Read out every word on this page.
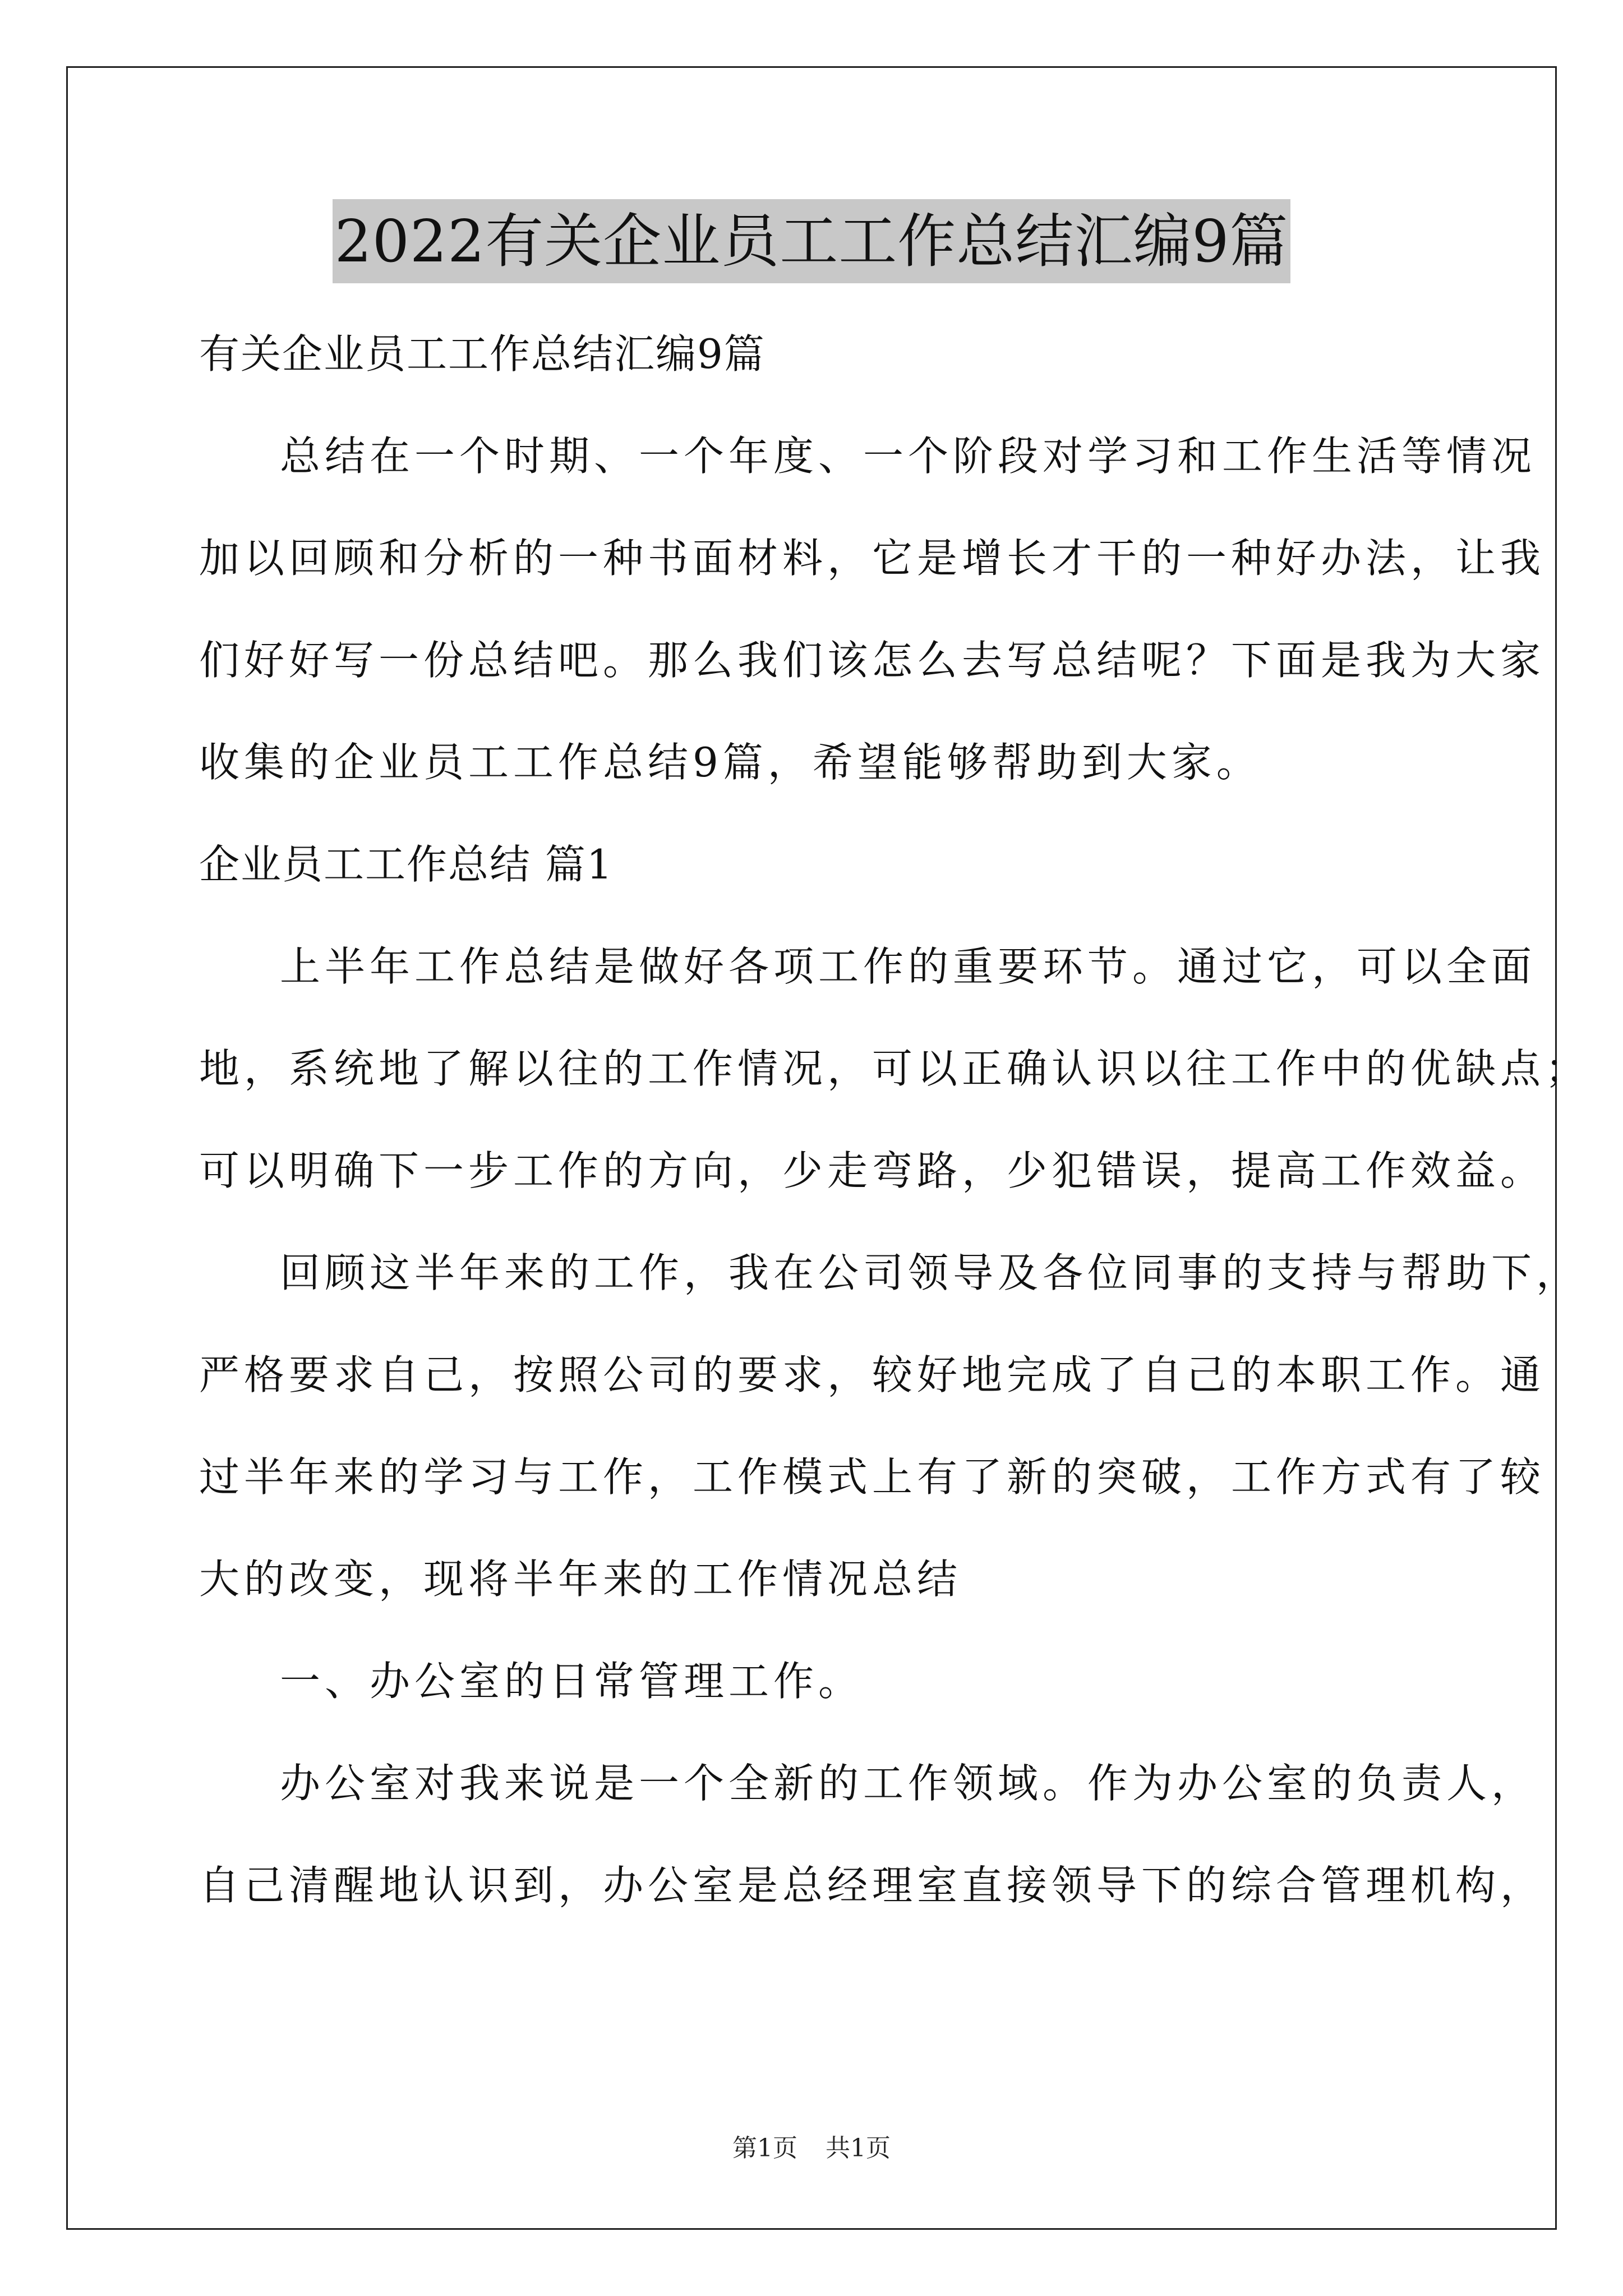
2022有关企业员工工作总结汇编9篇
有关企业员工工作总结汇编9篇
总结在一个时期、一个年度、一个阶段对学习和工作生活等情况
加以回顾和分析的一种书面材料，它是增长才干的一种好办法，让我
们好好写一份总结吧。那么我们该怎么去写总结呢？下面是我为大家
收集的企业员工工作总结9篇，希望能够帮助到大家。
企业员工工作总结 篇1
上半年工作总结是做好各项工作的重要环节。通过它，可以全面
地，系统地了解以往的工作情况，可以正确认识以往工作中的优缺点；
可以明确下一步工作的方向，少走弯路，少犯错误，提高工作效益。
回顾这半年来的工作，我在公司领导及各位同事的支持与帮助下，
严格要求自己，按照公司的要求，较好地完成了自己的本职工作。通
过半年来的学习与工作，工作模式上有了新的突破，工作方式有了较
大的改变，现将半年来的工作情况总结
一、办公室的日常管理工作。
办公室对我来说是一个全新的工作领域。作为办公室的负责人，
自己清醒地认识到，办公室是总经理室直接领导下的综合管理机构，
第1页 共1页
